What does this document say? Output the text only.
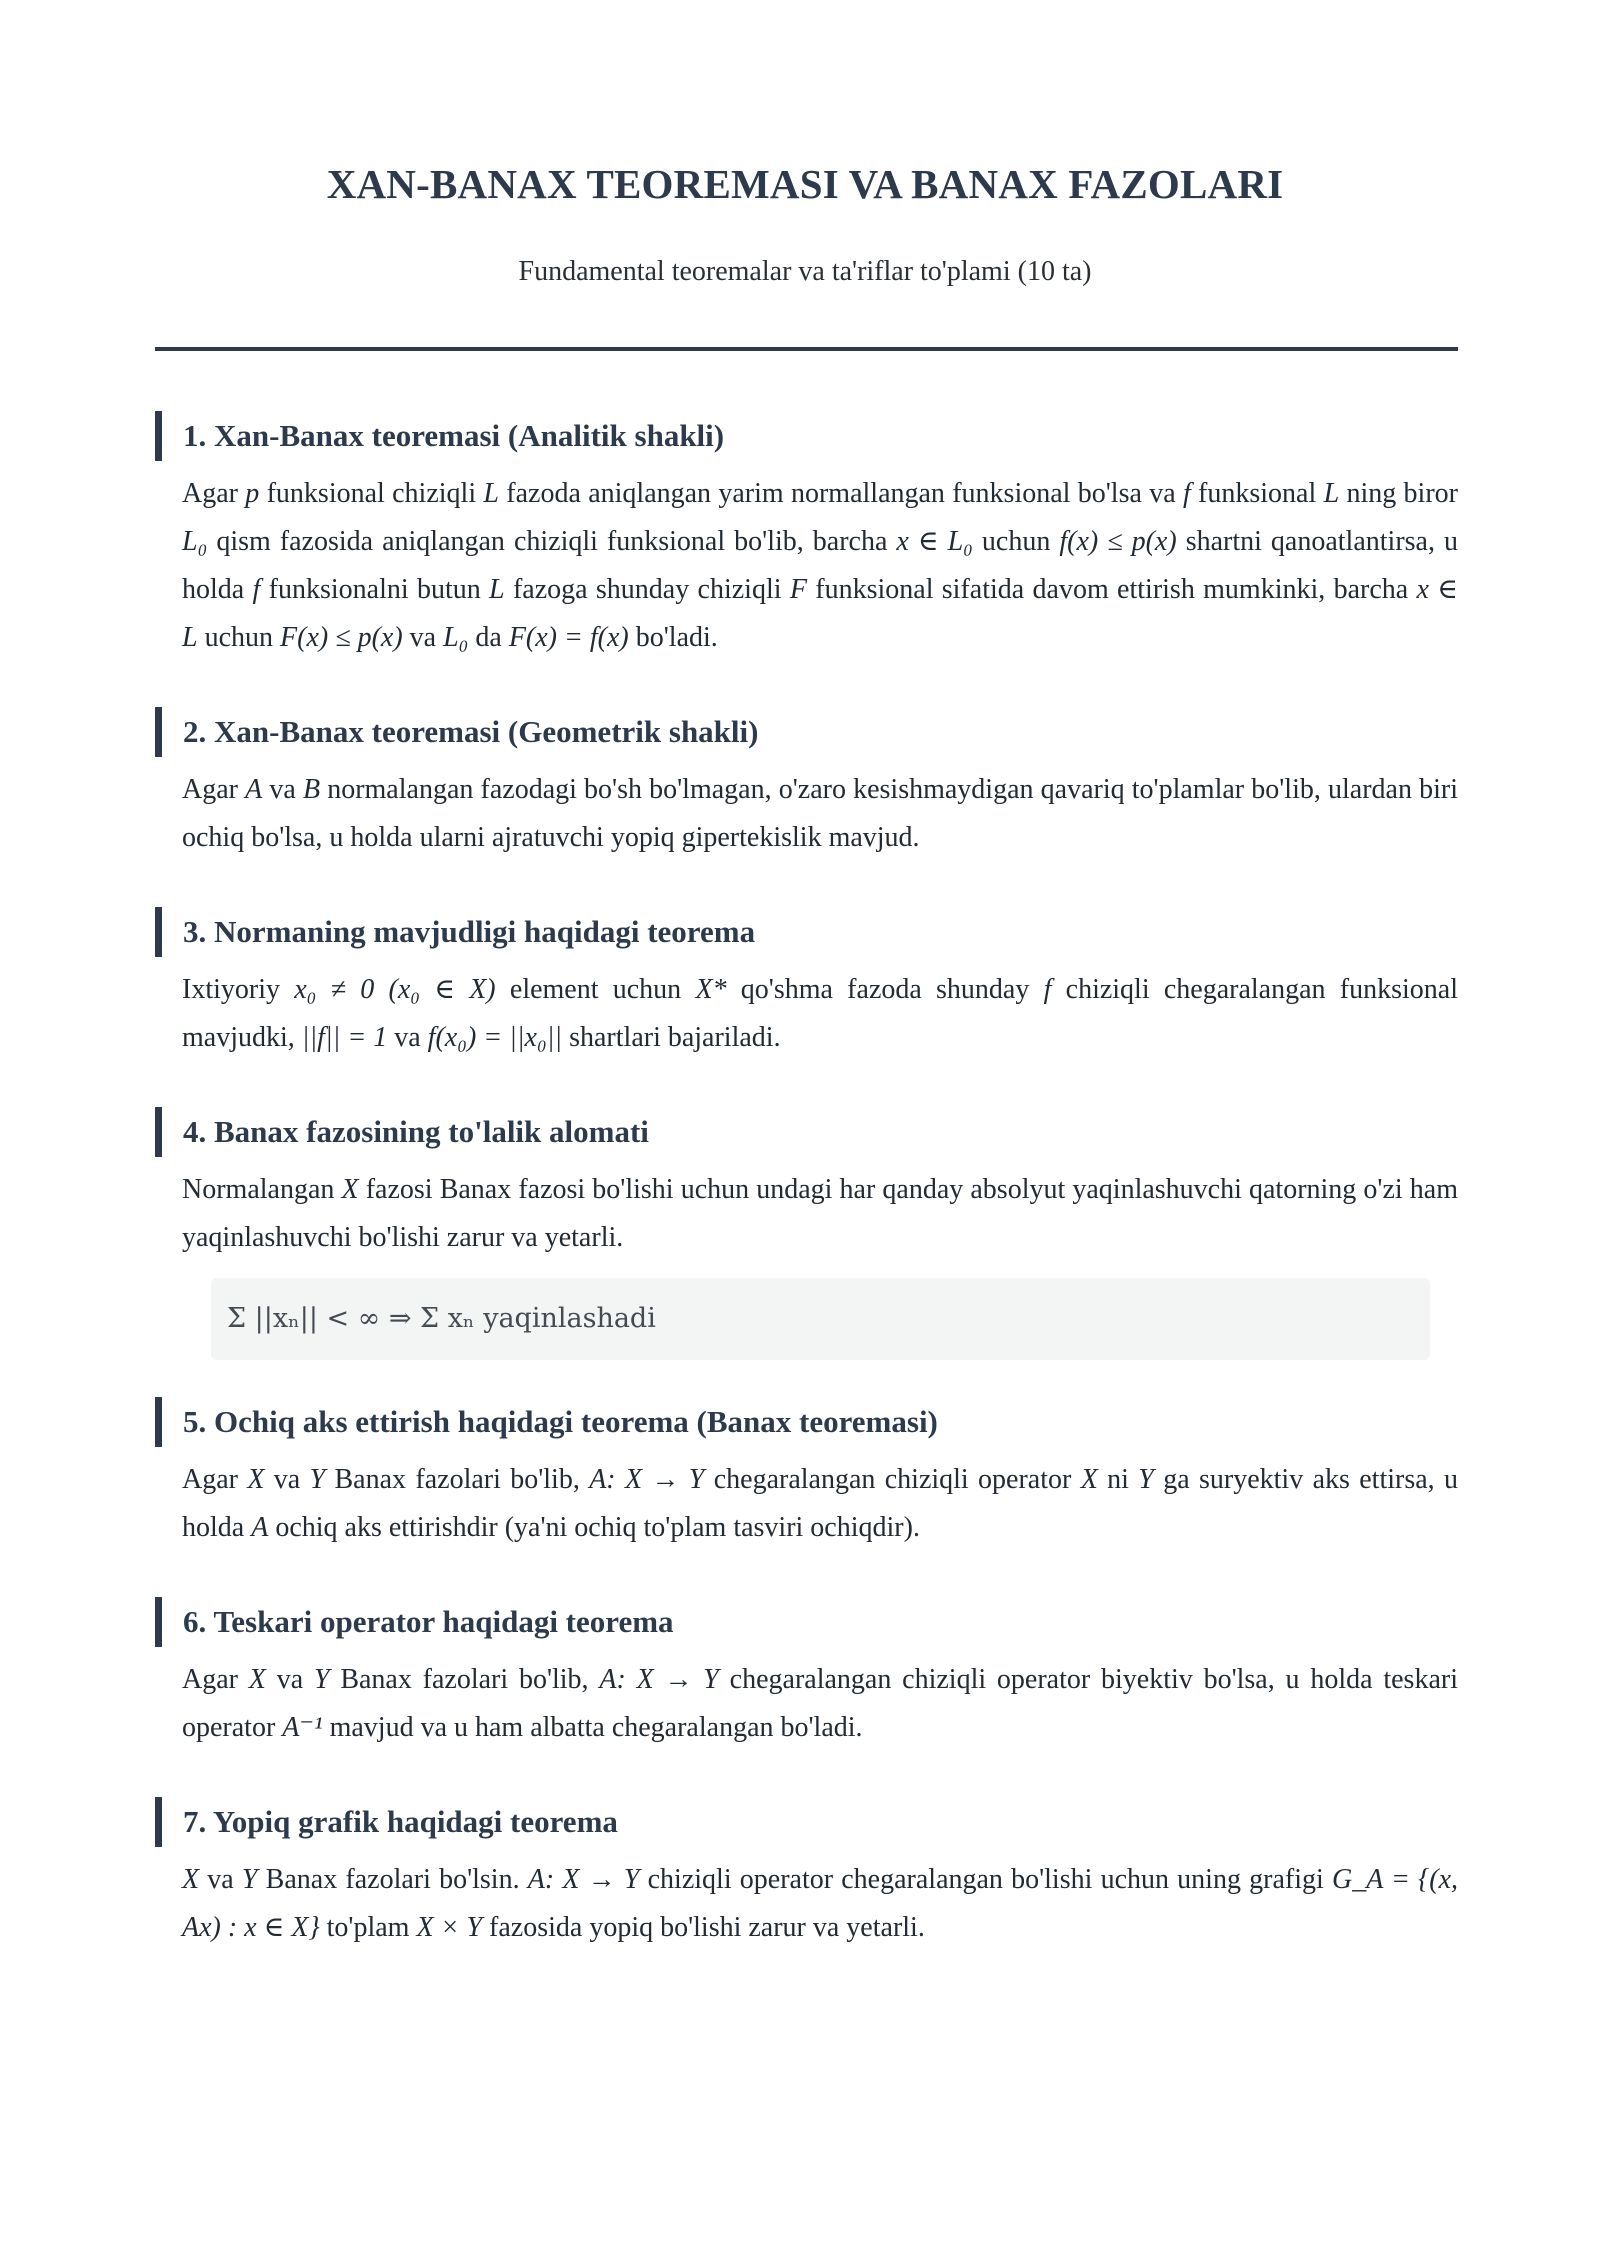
XAN-BANAX TEOREMASI VA BANAX FAZOLARI

Fundamental teoremalar va ta'riflar to'plami (10 ta)

1. Xan-Banax teoremasi (Analitik shakli)

Agar p funksional chiziqli L fazoda aniqlangan yarim normallangan funksional bo'lsa va f funksional L ning biror L₀ qism fazosida aniqlangan chiziqli funksional bo'lib, barcha x ∈ L₀ uchun f(x) ≤ p(x) shartni qanoatlantirsa, u holda f funksionalni butun L fazoga shunday chiziqli F funksional sifatida davom ettirish mumkinki, barcha x ∈ L uchun F(x) ≤ p(x) va L₀ da F(x) = f(x) bo'ladi.

2. Xan-Banax teoremasi (Geometrik shakli)

Agar A va B normalangan fazodagi bo'sh bo'lmagan, o'zaro kesishmaydigan qavariq to'plamlar bo'lib, ulardan biri ochiq bo'lsa, u holda ularni ajratuvchi yopiq gipertekislik mavjud.

3. Normaning mavjudligi haqidagi teorema

Ixtiyoriy x₀ ≠ 0 (x₀ ∈ X) element uchun X* qo'shma fazoda shunday f chiziqli chegaralangan funksional mavjudki, ||f|| = 1 va f(x₀) = ||x₀|| shartlari bajariladi.

4. Banax fazosining to'lalik alomati

Normalangan X fazosi Banax fazosi bo'lishi uchun undagi har qanday absolyut yaqinlashuvchi qatorning o'zi ham yaqinlashuvchi bo'lishi zarur va yetarli.

Σ ||xₙ|| < ∞ ⇒ Σ xₙ yaqinlashadi
5. Ochiq aks ettirish haqidagi teorema (Banax teoremasi)

Agar X va Y Banax fazolari bo'lib, A: X → Y chegaralangan chiziqli operator X ni Y ga suryektiv aks ettirsa, u holda A ochiq aks ettirishdir (ya'ni ochiq to'plam tasviri ochiqdir).

6. Teskari operator haqidagi teorema

Agar X va Y Banax fazolari bo'lib, A: X → Y chegaralangan chiziqli operator biyektiv bo'lsa, u holda teskari operator A⁻¹ mavjud va u ham albatta chegaralangan bo'ladi.

7. Yopiq grafik haqidagi teorema

X va Y Banax fazolari bo'lsin. A: X → Y chiziqli operator chegaralangan bo'lishi uchun uning grafigi G_A = {(x, Ax) : x ∈ X} to'plam X × Y fazosida yopiq bo'lishi zarur va yetarli.
